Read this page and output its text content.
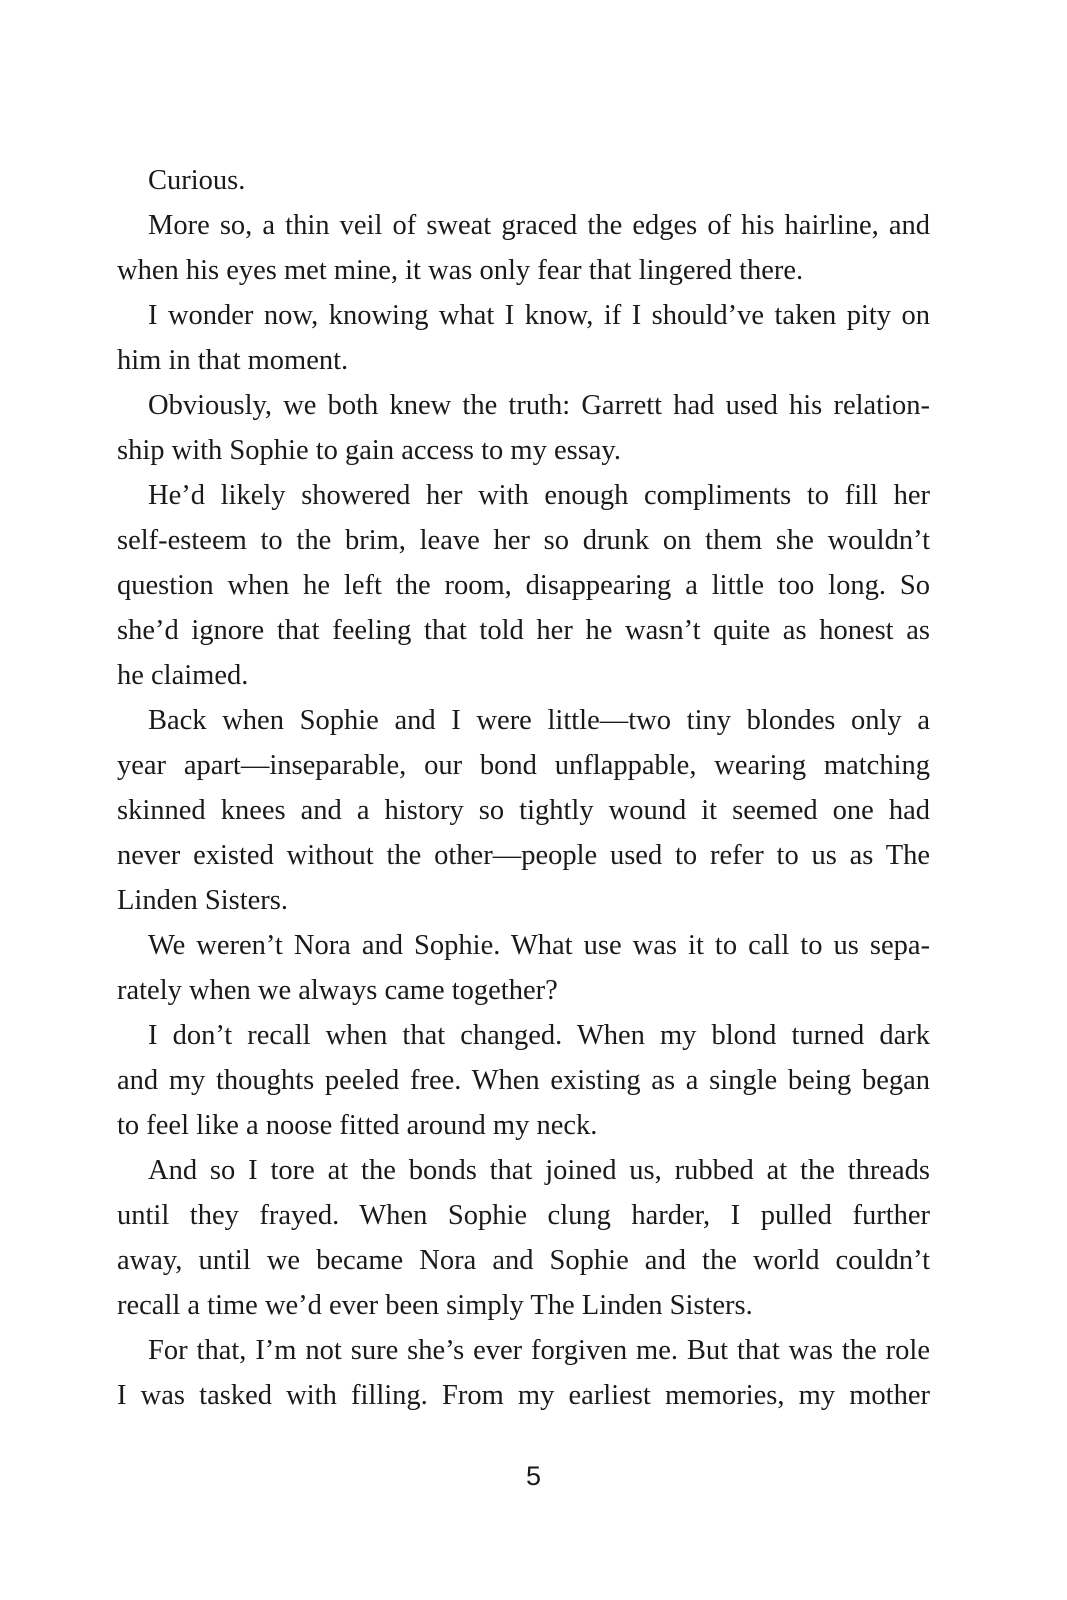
Curious.
More so, a thin veil of sweat graced the edges of his hairline, and
when his eyes met mine, it was only fear that lingered there.
I wonder now, knowing what I know, if I should’ve taken pity on
him in that moment.
Obviously, we both knew the truth: Garrett had used his relation-
ship with Sophie to gain access to my essay.
He’d likely showered her with enough compliments to fill her
self-esteem to the brim, leave her so drunk on them she wouldn’t
question when he left the room, disappearing a little too long. So
she’d ignore that feeling that told her he wasn’t quite as honest as
he claimed.
Back when Sophie and I were little—two tiny blondes only a
year apart—inseparable, our bond unflappable, wearing matching
skinned knees and a history so tightly wound it seemed one had
never existed without the other—people used to refer to us as The
Linden Sisters.
We weren’t Nora and Sophie. What use was it to call to us sepa-
rately when we always came together?
I don’t recall when that changed. When my blond turned dark
and my thoughts peeled free. When existing as a single being began
to feel like a noose fitted around my neck.
And so I tore at the bonds that joined us, rubbed at the threads
until they frayed. When Sophie clung harder, I pulled further
away, until we became Nora and Sophie and the world couldn’t
recall a time we’d ever been simply The Linden Sisters.
For that, I’m not sure she’s ever forgiven me. But that was the role
I was tasked with filling. From my earliest memories, my mother
5
